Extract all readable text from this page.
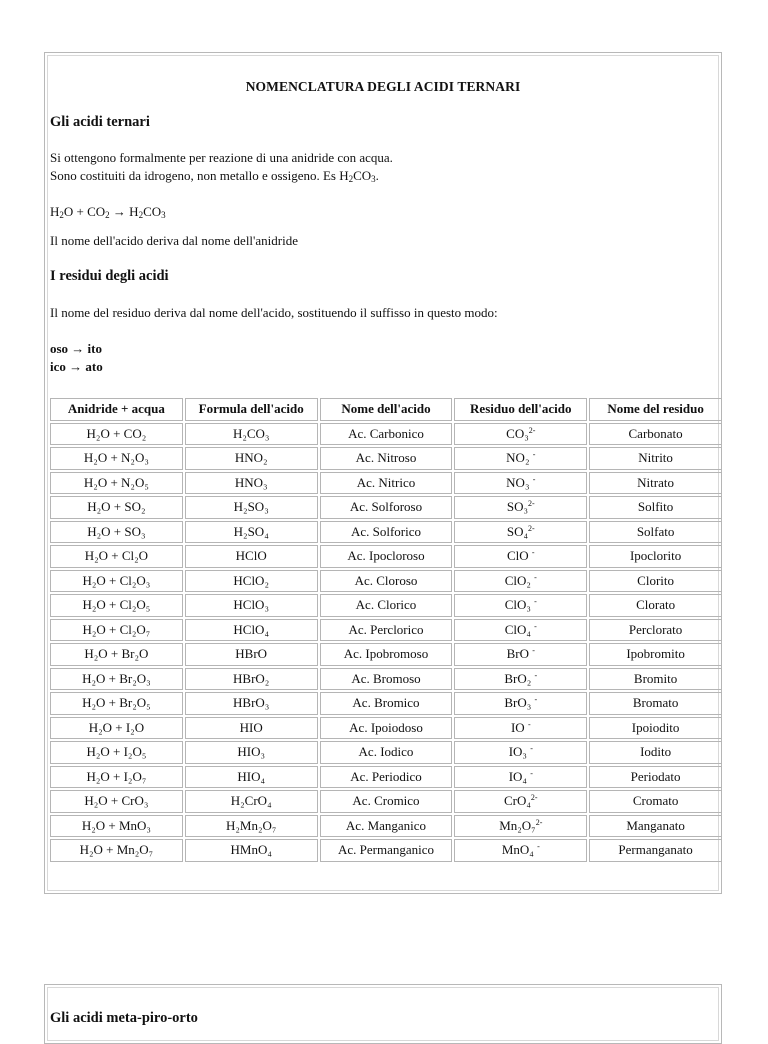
NOMENCLATURA DEGLI ACIDI TERNARI
Gli acidi ternari
Si ottengono formalmente per reazione di una anidride con acqua.
Sono costituiti da idrogeno, non metallo e ossigeno. Es $H_2CO_3$.
$H_2O + CO_2 \to H_2CO_3$
Il nome dell'acido deriva dal nome dell'anidride
I residui degli acidi
Il nome del residuo deriva dal nome dell'acido, sostituendo il suffisso in questo modo:
oso → ito
ico → ato
Anidride + acqua	Formula dell'acido	Nome dell'acido	Residuo dell'acido	Nome del residuo
H₂O + CO₂	H₂CO₃	Ac. Carbonico	CO₃$^{2-}$	Carbonato
H₂O + N₂O₃	HNO₂	Ac. Nitroso	NO₂ -	Nitrito
H₂O + N₂O₅	HNO₃	Ac. Nitrico	NO₃ -	Nitrato
H₂O + SO₂	H₂SO₃	Ac. Solforoso	SO₃$^{2-}$	Solfito
H₂O + SO₃	H₂SO₄	Ac. Solforico	SO₄$^{2-}$	Solfato
H₂O + Cl₂O	HClO	Ac. Ipocloroso	ClO -	Ipoclorito
H₂O + Cl₂O₃	HClO₂	Ac. Cloroso	ClO₂ -	Clorito
H₂O + Cl₂O₅	HClO₃	Ac. Clorico	ClO₃ -	Clorato
H₂O + Cl₂O₇	HClO₄	Ac. Perclorico	ClO₄ -	Perclorato
H₂O + Br₂O	HBrO	Ac. Ipobromoso	BrO -	Ipobromito
H₂O + Br₂O₃	HBrO₂	Ac. Bromoso	BrO₂ -	Bromito
H₂O + Br₂O₅	HBrO₃	Ac. Bromico	BrO₃ -	Bromato
H₂O + I₂O	HIO	Ac. Ipoiodoso	IO -	Ipoiodito
H₂O + I₂O₅	HIO₃	Ac. Iodico	IO₃ -	Iodito
H₂O + I₂O₇	HIO₄	Ac. Periodico	IO₄ -	Periodato
H₂O + CrO₃	H₂CrO₄	Ac. Cromico	CrO₄$^{2-}$	Cromato
H₂O + MnO₃	H₂Mn₂O₇	Ac. Manganico	Mn₂O₇$^{2-}$	Manganato
H₂O + Mn₂O₇	HMnO₄	Ac. Permanganico	MnO₄ -	Permanganato
Gli acidi meta-piro-orto
